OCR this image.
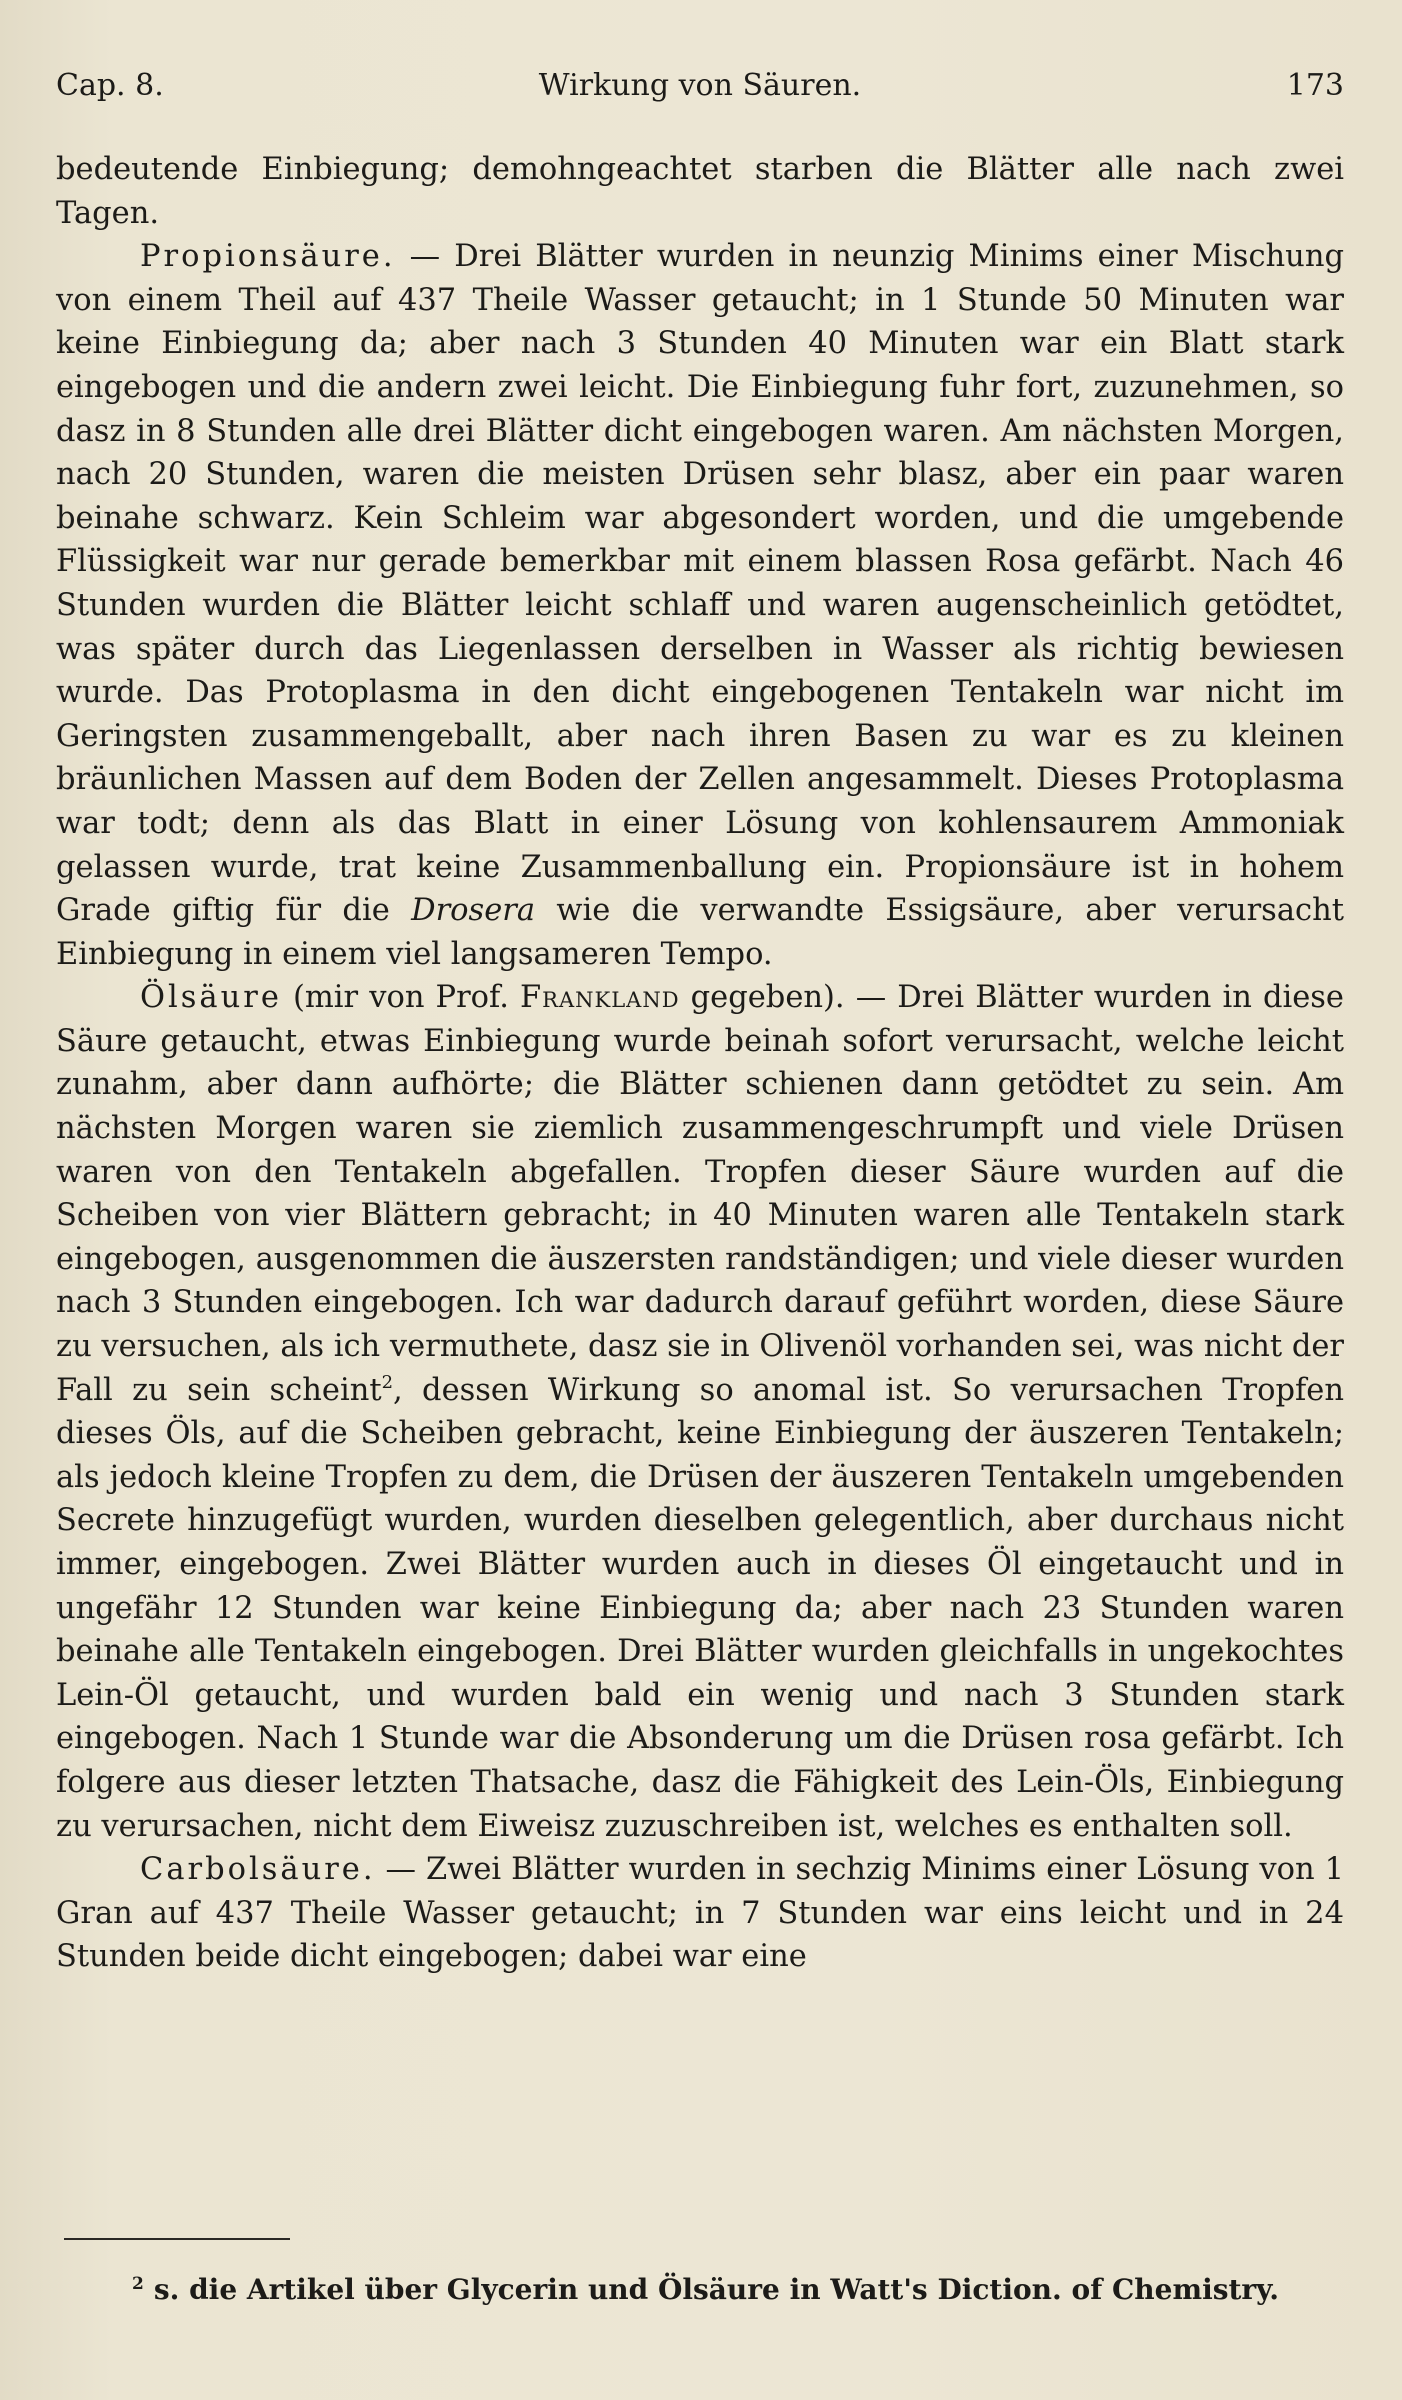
Cap. 8.	Wirkung von Säuren.	173

bedeutende Einbiegung; demohngeachtet starben die Blätter alle nach zwei Tagen.

Propionsäure. — Drei Blätter wurden in neunzig Minims einer Mischung von einem Theil auf 437 Theile Wasser getaucht; in 1 Stunde 50 Minuten war keine Einbiegung da; aber nach 3 Stunden 40 Minuten war ein Blatt stark eingebogen und die andern zwei leicht. Die Einbiegung fuhr fort, zuzunehmen, so dasz in 8 Stunden alle drei Blätter dicht eingebogen waren. Am nächsten Morgen, nach 20 Stunden, waren die meisten Drüsen sehr blasz, aber ein paar waren beinahe schwarz. Kein Schleim war abgesondert worden, und die umgebende Flüssigkeit war nur gerade bemerkbar mit einem blassen Rosa gefärbt. Nach 46 Stunden wurden die Blätter leicht schlaff und waren augenscheinlich getödtet, was später durch das Liegenlassen derselben in Wasser als richtig bewiesen wurde. Das Protoplasma in den dicht eingebogenen Tentakeln war nicht im Geringsten zusammengeballt, aber nach ihren Basen zu war es zu kleinen bräunlichen Massen auf dem Boden der Zellen angesammelt. Dieses Protoplasma war todt; denn als das Blatt in einer Lösung von kohlensaurem Ammoniak gelassen wurde, trat keine Zusammenballung ein. Propionsäure ist in hohem Grade giftig für die Drosera wie die verwandte Essigsäure, aber verursacht Einbiegung in einem viel langsameren Tempo.

Ölsäure (mir von Prof. Frankland gegeben). — Drei Blätter wurden in diese Säure getaucht, etwas Einbiegung wurde beinah sofort verursacht, welche leicht zunahm, aber dann aufhörte; die Blätter schienen dann getödtet zu sein. Am nächsten Morgen waren sie ziemlich zusammengeschrumpft und viele Drüsen waren von den Tentakeln abgefallen. Tropfen dieser Säure wurden auf die Scheiben von vier Blättern gebracht; in 40 Minuten waren alle Tentakeln stark eingebogen, ausgenommen die äuszersten randständigen; und viele dieser wurden nach 3 Stunden eingebogen. Ich war dadurch darauf geführt worden, diese Säure zu versuchen, als ich vermuthete, dasz sie in Olivenöl vorhanden sei, was nicht der Fall zu sein scheint$^2$, dessen Wirkung so anomal ist. So verursachen Tropfen dieses Öls, auf die Scheiben gebracht, keine Einbiegung der äuszeren Tentakeln; als jedoch kleine Tropfen zu dem, die Drüsen der äuszeren Tentakeln umgebenden Secrete hinzugefügt wurden, wurden dieselben gelegentlich, aber durchaus nicht immer, eingebogen. Zwei Blätter wurden auch in dieses Öl eingetaucht und in ungefähr 12 Stunden war keine Einbiegung da; aber nach 23 Stunden waren beinahe alle Tentakeln eingebogen. Drei Blätter wurden gleichfalls in ungekochtes Lein-Öl getaucht, und wurden bald ein wenig und nach 3 Stunden stark eingebogen. Nach 1 Stunde war die Absonderung um die Drüsen rosa gefärbt. Ich folgere aus dieser letzten Thatsache, dasz die Fähigkeit des Lein-Öls, Einbiegung zu verursachen, nicht dem Eiweisz zuzuschreiben ist, welches es enthalten soll.

Carbolsäure. — Zwei Blätter wurden in sechzig Minims einer Lösung von 1 Gran auf 437 Theile Wasser getaucht; in 7 Stunden war eins leicht und in 24 Stunden beide dicht eingebogen; dabei war eine

$^2$ s. die Artikel über Glycerin und Ölsäure in Watt's Diction. of Chemistry.
